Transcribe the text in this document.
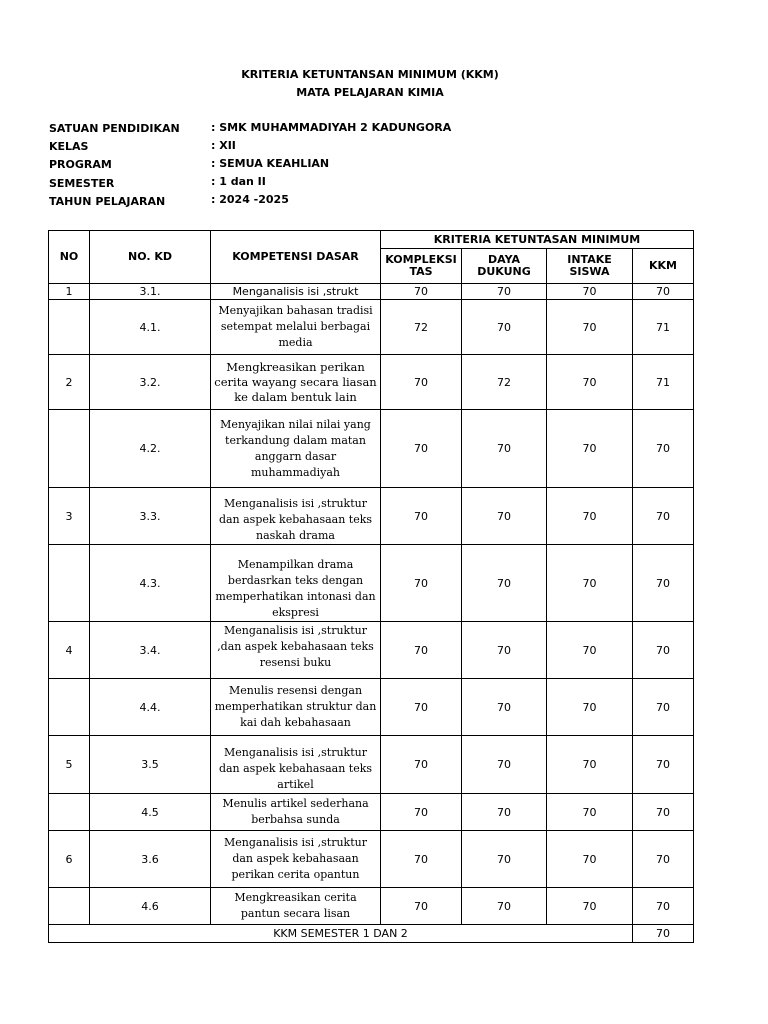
KRITERIA KETUNTANSAN MINIMUM (KKM)
MATA PELAJARAN KIMIA
SATUAN PENDIDIKAN	: SMK MUHAMMADIYAH 2 KADUNGORA
KELAS	: XII
PROGRAM	: SEMUA KEAHLIAN
SEMESTER	: 1 dan II
TAHUN PELAJARAN	: 2024 -2025
NO	NO. KD	KOMPETENSI DASAR	KRITERIA KETUNTASAN MINIMUM			
			KOMPLEKSITAS	DAYA DUKUNG	INTAKE SISWA	KKM
1	3.1.	Menganalisis isi ,strukt	70	70	70	70
	4.1.	Menyajikan bahasan tradisi setempat melalui berbagai media	72	70	70	71
2	3.2.	Mengkreasikan perikan cerita wayang secara liasan ke dalam bentuk lain	70	72	70	71
	4.2.	Menyajikan nilai nilai yang terkandung dalam matan anggarn dasar muhammadiyah	70	70	70	70
3	3.3.	Menganalisis isi ,struktur dan aspek kebahasaan teks naskah drama	70	70	70	70
	4.3.	Menampilkan drama berdasrkan teks dengan memperhatikan intonasi dan ekspresi	70	70	70	70
4	3.4.	Menganalisis isi ,struktur ,dan aspek kebahasaan teks resensi buku	70	70	70	70
	4.4.	Menulis resensi dengan memperhatikan struktur dan kai dah kebahasaan	70	70	70	70
5	3.5	Menganalisis isi ,struktur dan aspek kebahasaan teks artikel	70	70	70	70
	4.5	Menulis artikel sederhana berbahsa sunda	70	70	70	70
6	3.6	Menganalisis isi ,struktur dan aspek kebahasaan perikan cerita opantun	70	70	70	70
	4.6	Mengkreasikan cerita pantun secara lisan	70	70	70	70
KKM SEMESTER 1 DAN 2						70
